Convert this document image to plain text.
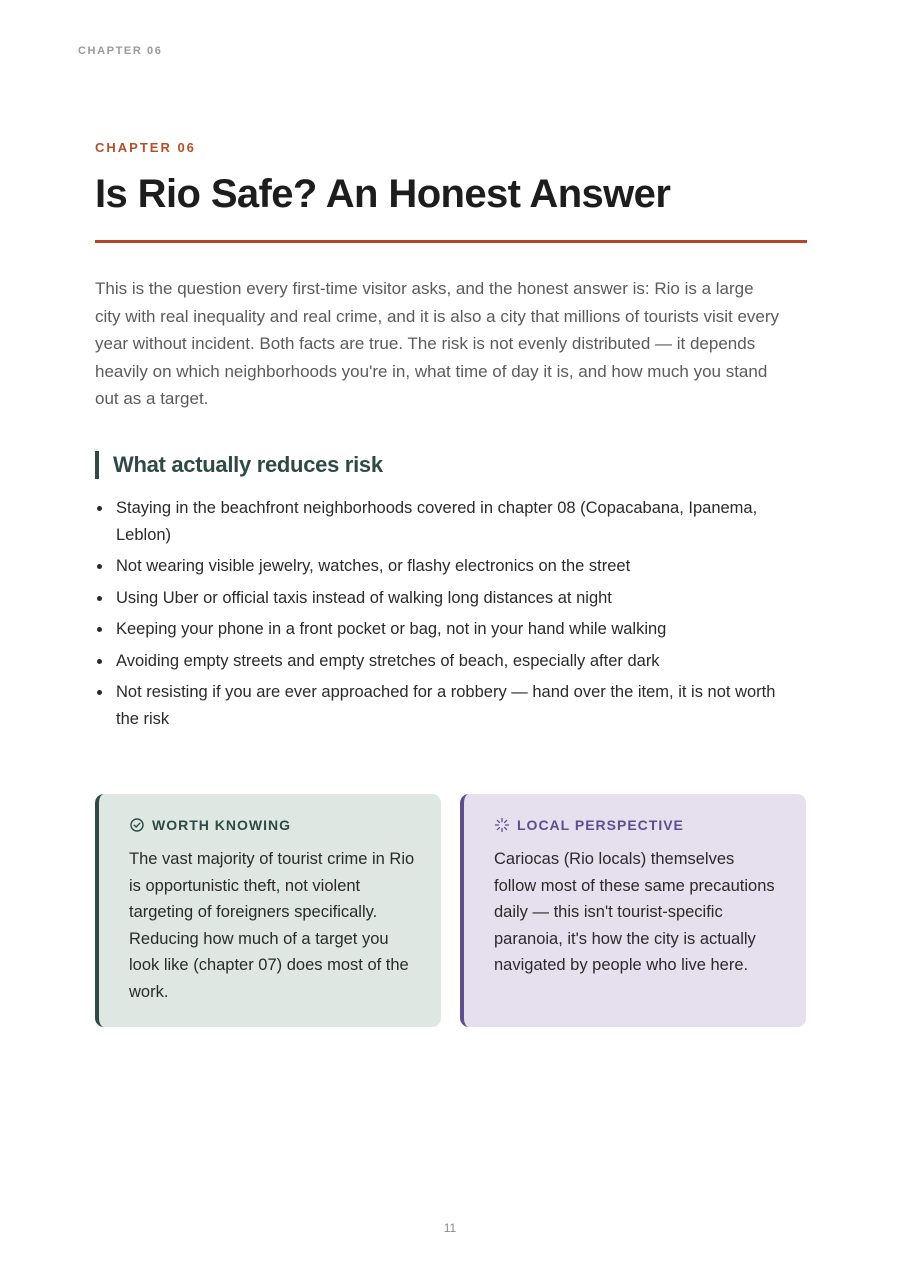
CHAPTER 06

CHAPTER 06

Is Rio Safe? An Honest Answer

This is the question every first-time visitor asks, and the honest answer is: Rio is a large city with real inequality and real crime, and it is also a city that millions of tourists visit every year without incident. Both facts are true. The risk is not evenly distributed — it depends heavily on which neighborhoods you're in, what time of day it is, and how much you stand out as a target.

What actually reduces risk
Staying in the beachfront neighborhoods covered in chapter 08 (Copacabana, Ipanema, Leblon)
Not wearing visible jewelry, watches, or flashy electronics on the street
Using Uber or official taxis instead of walking long distances at night
Keeping your phone in a front pocket or bag, not in your hand while walking
Avoiding empty streets and empty stretches of beach, especially after dark
Not resisting if you are ever approached for a robbery — hand over the item, it is not worth the risk
WORTH KNOWING

The vast majority of tourist crime in Rio is opportunistic theft, not violent targeting of foreigners specifically. Reducing how much of a target you look like (chapter 07) does most of the work.

LOCAL PERSPECTIVE

Cariocas (Rio locals) themselves follow most of these same precautions daily — this isn't tourist-specific paranoia, it's how the city is actually navigated by people who live here.

11
